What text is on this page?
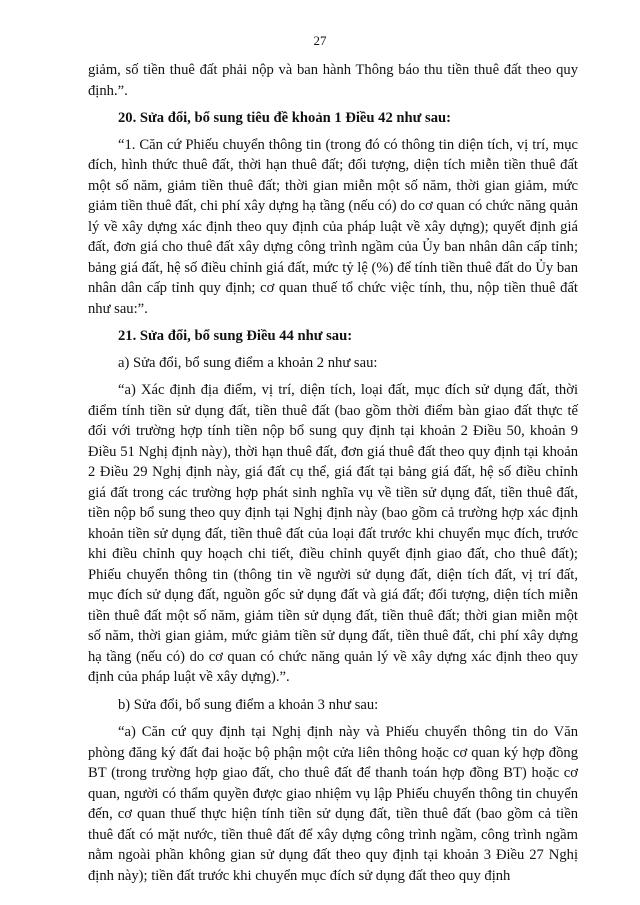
27

giảm, số tiền thuê đất phải nộp và ban hành Thông báo thu tiền thuê đất theo quy định.”.

20. Sửa đổi, bổ sung tiêu đề khoản 1 Điều 42 như sau:

“1. Căn cứ Phiếu chuyển thông tin (trong đó có thông tin diện tích, vị trí, mục đích, hình thức thuê đất, thời hạn thuê đất; đối tượng, diện tích miễn tiền thuê đất một số năm, giảm tiền thuê đất; thời gian miễn một số năm, thời gian giảm, mức giảm tiền thuê đất, chi phí xây dựng hạ tầng (nếu có) do cơ quan có chức năng quản lý về xây dựng xác định theo quy định của pháp luật về xây dựng); quyết định giá đất, đơn giá cho thuê đất xây dựng công trình ngầm của Ủy ban nhân dân cấp tỉnh; bảng giá đất, hệ số điều chỉnh giá đất, mức tỷ lệ (%) để tính tiền thuê đất do Ủy ban nhân dân cấp tỉnh quy định; cơ quan thuế tổ chức việc tính, thu, nộp tiền thuê đất như sau:”.

21. Sửa đổi, bổ sung Điều 44 như sau:

a) Sửa đổi, bổ sung điểm a khoản 2 như sau:

“a) Xác định địa điểm, vị trí, diện tích, loại đất, mục đích sử dụng đất, thời điểm tính tiền sử dụng đất, tiền thuê đất (bao gồm thời điểm bàn giao đất thực tế đối với trường hợp tính tiền nộp bổ sung quy định tại khoản 2 Điều 50, khoản 9 Điều 51 Nghị định này), thời hạn thuê đất, đơn giá thuê đất theo quy định tại khoản 2 Điều 29 Nghị định này, giá đất cụ thể, giá đất tại bảng giá đất, hệ số điều chỉnh giá đất trong các trường hợp phát sinh nghĩa vụ về tiền sử dụng đất, tiền thuê đất, tiền nộp bổ sung theo quy định tại Nghị định này (bao gồm cả trường hợp xác định khoản tiền sử dụng đất, tiền thuê đất của loại đất trước khi chuyển mục đích, trước khi điều chỉnh quy hoạch chi tiết, điều chỉnh quyết định giao đất, cho thuê đất); Phiếu chuyển thông tin (thông tin về người sử dụng đất, diện tích đất, vị trí đất, mục đích sử dụng đất, nguồn gốc sử dụng đất và giá đất; đối tượng, diện tích miễn tiền thuê đất một số năm, giảm tiền sử dụng đất, tiền thuê đất; thời gian miễn một số năm, thời gian giảm, mức giảm tiền sử dụng đất, tiền thuê đất, chi phí xây dựng hạ tầng (nếu có) do cơ quan có chức năng quản lý về xây dựng xác định theo quy định của pháp luật về xây dựng).”.

b) Sửa đổi, bổ sung điểm a khoản 3 như sau:

“a) Căn cứ quy định tại Nghị định này và Phiếu chuyển thông tin do Văn phòng đăng ký đất đai hoặc bộ phận một cửa liên thông hoặc cơ quan ký hợp đồng BT (trong trường hợp giao đất, cho thuê đất để thanh toán hợp đồng BT) hoặc cơ quan, người có thẩm quyền được giao nhiệm vụ lập Phiếu chuyển thông tin chuyển đến, cơ quan thuế thực hiện tính tiền sử dụng đất, tiền thuê đất (bao gồm cả tiền thuê đất có mặt nước, tiền thuê đất để xây dựng công trình ngầm, công trình ngầm nằm ngoài phần không gian sử dụng đất theo quy định tại khoản 3 Điều 27 Nghị định này); tiền đất trước khi chuyển mục đích sử dụng đất theo quy định
